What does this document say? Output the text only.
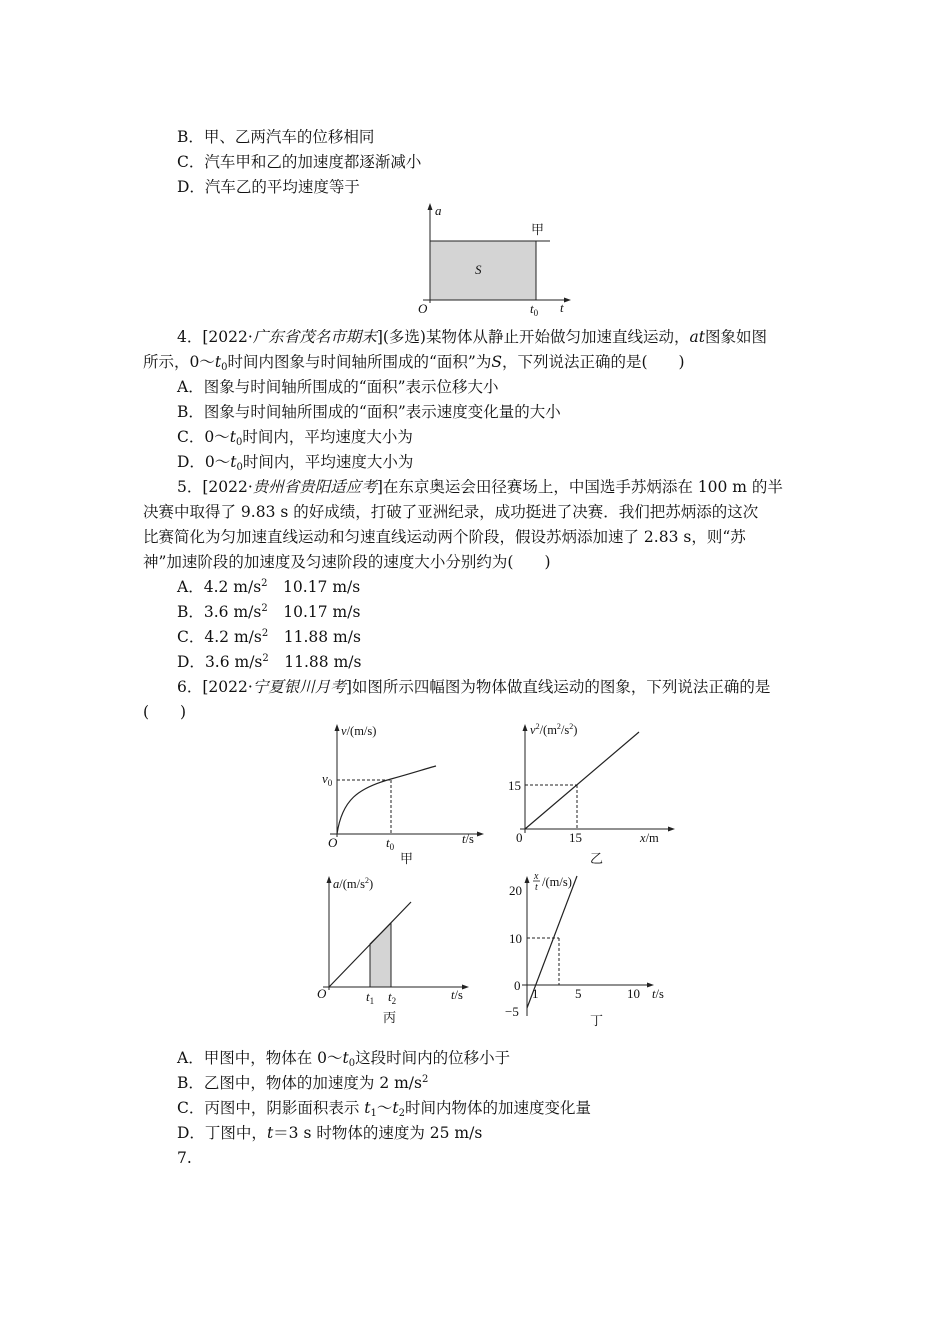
B．甲、乙两汽车的位移相同
C．汽车甲和乙的加速度都逐渐减小
D．汽车乙的平均速度等于
a
t
O
甲
S
$t_0$
4．[2022·广东省茂名市期末](多选)某物体从静止开始做匀加速直线运动，at图象如图
所示，$0\sim t_0$时间内图象与时间轴所围成的“面积”为S，下列说法正确的是(　　)
A．图象与时间轴所围成的“面积”表示位移大小
B．图象与时间轴所围成的“面积”表示速度变化量的大小
C．$0\sim t_0$时间内，平均速度大小为
D．$0\sim t_0$时间内，平均速度大小为
5．[2022·贵州省贵阳适应考]在东京奥运会田径赛场上，中国选手苏炳添在 100 m 的半
决赛中取得了 9.83 s 的好成绩，打破了亚洲纪录，成功挺进了决赛．我们把苏炳添的这次
比赛简化为匀加速直线运动和匀速直线运动两个阶段，假设苏炳添加速了 2.83 s，则“苏
神”加速阶段的加速度及匀速阶段的速度大小分别约为(　　)
A．4.2 $m/s^2$　 10.17 m/s
B．3.6 $m/s^2$　 10.17 m/s
C．4.2 $m/s^2$　 11.88 m/s
D．3.6 $m/s^2$　 11.88 m/s
6．[2022·宁夏银川月考]如图所示四幅图为物体做直线运动的图象，下列说法正确的是
(　　)
v/(m/s)
O
$v_0$
$t_0$
t/s
甲
$v^2/(m^2/s^2)$
15
0	15	x/m
乙
$a/(m/s^2)$
O	$t_1$ $t_2$	t/s
丙
x
t /(m/s)
20
10
0
−5
1	5	10 t/s
丁
A．甲图中，物体在 $0\sim t_0$这段时间内的位移小于
B．乙图中，物体的加速度为 2 $m/s^2$
C．丙图中，阴影面积表示 $t_1\sim t_2$时间内物体的加速度变化量
D．丁图中，t＝3 s 时物体的速度为 25 m/s
7.
